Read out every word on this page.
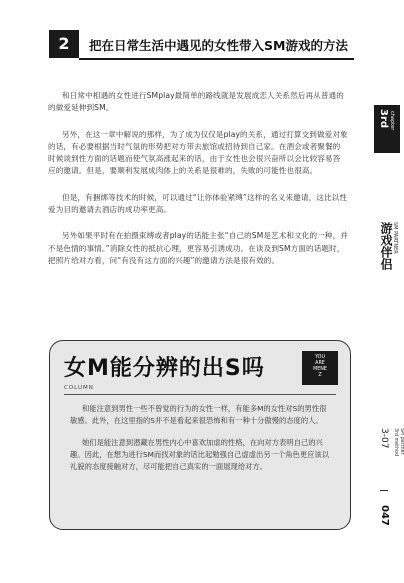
2	把在日常生活中遇见的女性带入SM游戏的方法

和日常中相遇的女性进行SMplay最简单的路线就是发展成恋人关系然后再从普通的的做爱延伸到SM。

另外，在这一章中解说的那样，为了成为仅仅是play的关系，通过打算交到做爱对象的话，有必要根据当时气氛的形势把对方带去旅馆或招待到自己家。在酒会或者聚餐的时候谈到性方面的话题而使气氛高涨起来的话，由于女性也会很兴奋所以会比较容易答应的邀请。但是，要顺利发展成肉体上的关系是很难的，失败的可能性也很高。

但是，有捆绑等技术的时候，可以通过“让你体验紧缚”这样的名义来邀请，这比以性爱为目的邀请去酒店的成功率更高。

另外如果平时有在拍摄束缚或者play的话能主张“自己的SM是艺术和文化的一种，并不是色情的事情。”消除女性的抵抗心理，更容易引诱成功。在谈及到SM方面的话题时，把照片给对方看，问“有没有这方面的兴趣”的邀请方法是很有效的。

女M能分辨的出S吗	YOU
ARE
MENE
Z
COLUMN

和能注意到男性一些不曾觉的行为的女性一样，有能多M的女性对S的男性很敏感。此外，在这里指的S并不是看起来很恐怖和有一种十分傲慢的态度的人。

她们是能注意到潜藏在男性内心中喜欢加虐的性格，在向对方表明自己的兴趣。因此，在想为进行SM而找对象的话比起勉强自己虚虚出另一个角色更应该以礼貌的态度接触对方，尽可能把自己真实的一面展现给对方。

3rd chapter
游戏伴侣 SM PARTNER
3-07	SM partner
3rd method
047
